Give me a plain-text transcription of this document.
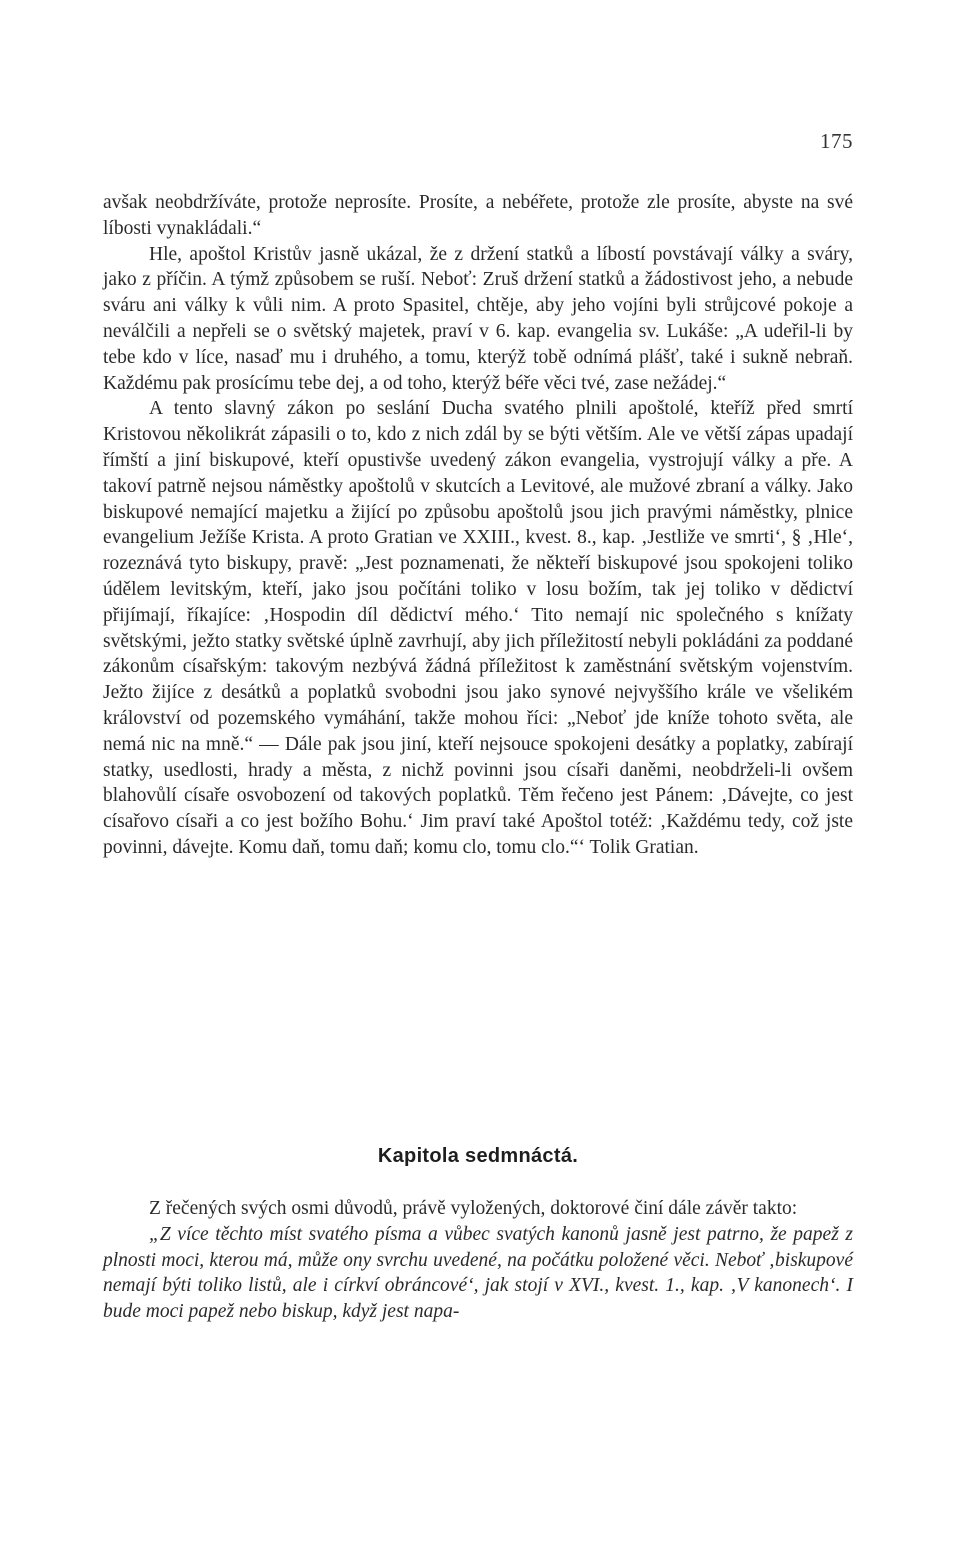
175

avšak neobdržíváte, protože neprosíte. Prosíte, a nebéřete, protože zle prosíte, abyste na své líbosti vynakládali.“

Hle, apoštol Kristův jasně ukázal, že z držení statků a líbostí povstávají války a sváry, jako z příčin. A týmž způsobem se ruší. Neboť: Zruš držení statků a žádostivost jeho, a nebude sváru ani války k vůli nim. A proto Spasitel, chtěje, aby jeho vojíni byli strůjcové pokoje a neválčili a nepřeli se o světský majetek, praví v 6. kap. evangelia sv. Lukáše: „A udeřil-li by tebe kdo v líce, nasaď mu i druhého, a tomu, kterýž tobě odnímá plášť, také i sukně nebraň. Každému pak prosícímu tebe dej, a od toho, kterýž béře věci tvé, zase nežádej.“

A tento slavný zákon po seslání Ducha svatého plnili apoštolé, kteříž před smrtí Kristovou několikrát zápasili o to, kdo z nich zdál by se býti větším. Ale ve větší zápas upadají římští a jiní biskupové, kteří opustivše uvedený zákon evangelia, vystrojují války a pře. A takoví patrně nejsou náměstky apoštolů v skutcích a Levitové, ale mužové zbraní a války. Jako biskupové nemající majetku a žijící po způsobu apoštolů jsou jich pravými náměstky, plnice evangelium Ježíše Krista. A proto Gratian ve XXIII., kvest. 8., kap. ‚Jestliže ve smrti‘, § ‚Hle‘, rozeznává tyto biskupy, pravě: „Jest poznamenati, že někteří biskupové jsou spokojeni toliko údělem levitským, kteří, jako jsou počítáni toliko v losu božím, tak jej toliko v dědictví přijímají, říkajíce: ‚Hospodin díl dědictví mého.‘ Tito nemají nic společného s knížaty světskými, ježto statky světské úplně zavrhují, aby jich příležitostí nebyli pokládáni za poddané zákonům císařským: takovým nezbývá žádná příležitost k zaměstnání světským vojenstvím. Ježto žijíce z desátků a poplatků svobodni jsou jako synové nejvyššího krále ve všelikém království od pozemského vymáhání, takže mohou říci: „Neboť jde kníže tohoto světa, ale nemá nic na mně.“ — Dále pak jsou jiní, kteří nejsouce spokojeni desátky a poplatky, zabírají statky, usedlosti, hrady a města, z nichž povinni jsou císaři daněmi, neobdrželi-li ovšem blahovůlí císaře osvobození od takových poplatků. Těm řečeno jest Pánem: ‚Dávejte, co jest císařovo císaři a co jest božího Bohu.‘ Jim praví také Apoštol totéž: ‚Každému tedy, což jste povinni, dávejte. Komu daň, tomu daň; komu clo, tomu clo.“‘ Tolik Gratian.

Kapitola sedmnáctá.

Z řečených svých osmi důvodů, právě vyložených, doktorové činí dále závěr takto:

„Z více těchto míst svatého písma a vůbec svatých kanonů jasně jest patrno, že papež z plnosti moci, kterou má, může ony svrchu uvedené, na počátku položené věci. Neboť ‚biskupové nemají býti toliko listů, ale i církví obráncové‘, jak stojí v XVI., kvest. 1., kap. ‚V kanonech‘. I bude moci papež nebo biskup, když jest napa-
